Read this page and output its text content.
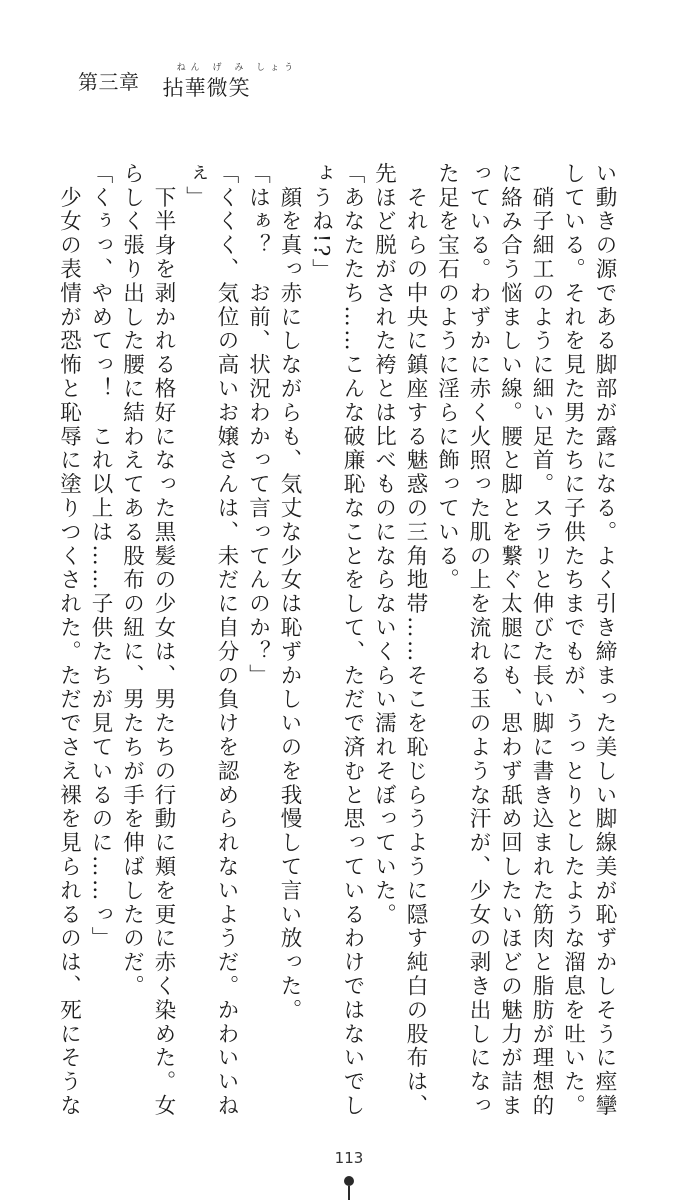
第三章
ねん げ み しょう
拈華微笑
い動きの源である脚部が露になる。よく引き締まった美しい脚線美が恥ずかしそうに痙攣
している。それを見た男たちに子供たちまでもが、うっとりとしたような溜息を吐いた。
　硝子細工のように細い足首。スラリと伸びた長い脚に書き込まれた筋肉と脂肪が理想的
に絡み合う悩ましい線。腰と脚とを繋ぐ太腿にも、思わず舐め回したいほどの魅力が詰ま
っている。わずかに赤く火照った肌の上を流れる玉のような汗が、少女の剥き出しになっ
た足を宝石のように淫らに飾っている。
　それらの中央に鎮座する魅惑の三角地帯……そこを恥じらうように隠す純白の股布は、
先ほど脱がされた袴とは比べものにならないくらい濡れそぼっていた。
「あなたたち……こんな破廉恥なことをして、ただで済むと思っているわけではないでし
ょうね!?」
　顔を真っ赤にしながらも、気丈な少女は恥ずかしいのを我慢して言い放った。
「はぁ？　お前、状況わかって言ってんのか？」
「くくく、気位の高いお嬢さんは、未だに自分の負けを認められないようだ。かわいいね
ぇ」
　下半身を剥かれる格好になった黒髪の少女は、男たちの行動に頬を更に赤く染めた。女
らしく張り出した腰に結わえてある股布の紐に、男たちが手を伸ばしたのだ。
「くぅっ、やめてっ！　これ以上は……子供たちが見ているのに……っ」
　少女の表情が恐怖と恥辱に塗りつくされた。ただでさえ裸を見られるのは、死にそうな
113
